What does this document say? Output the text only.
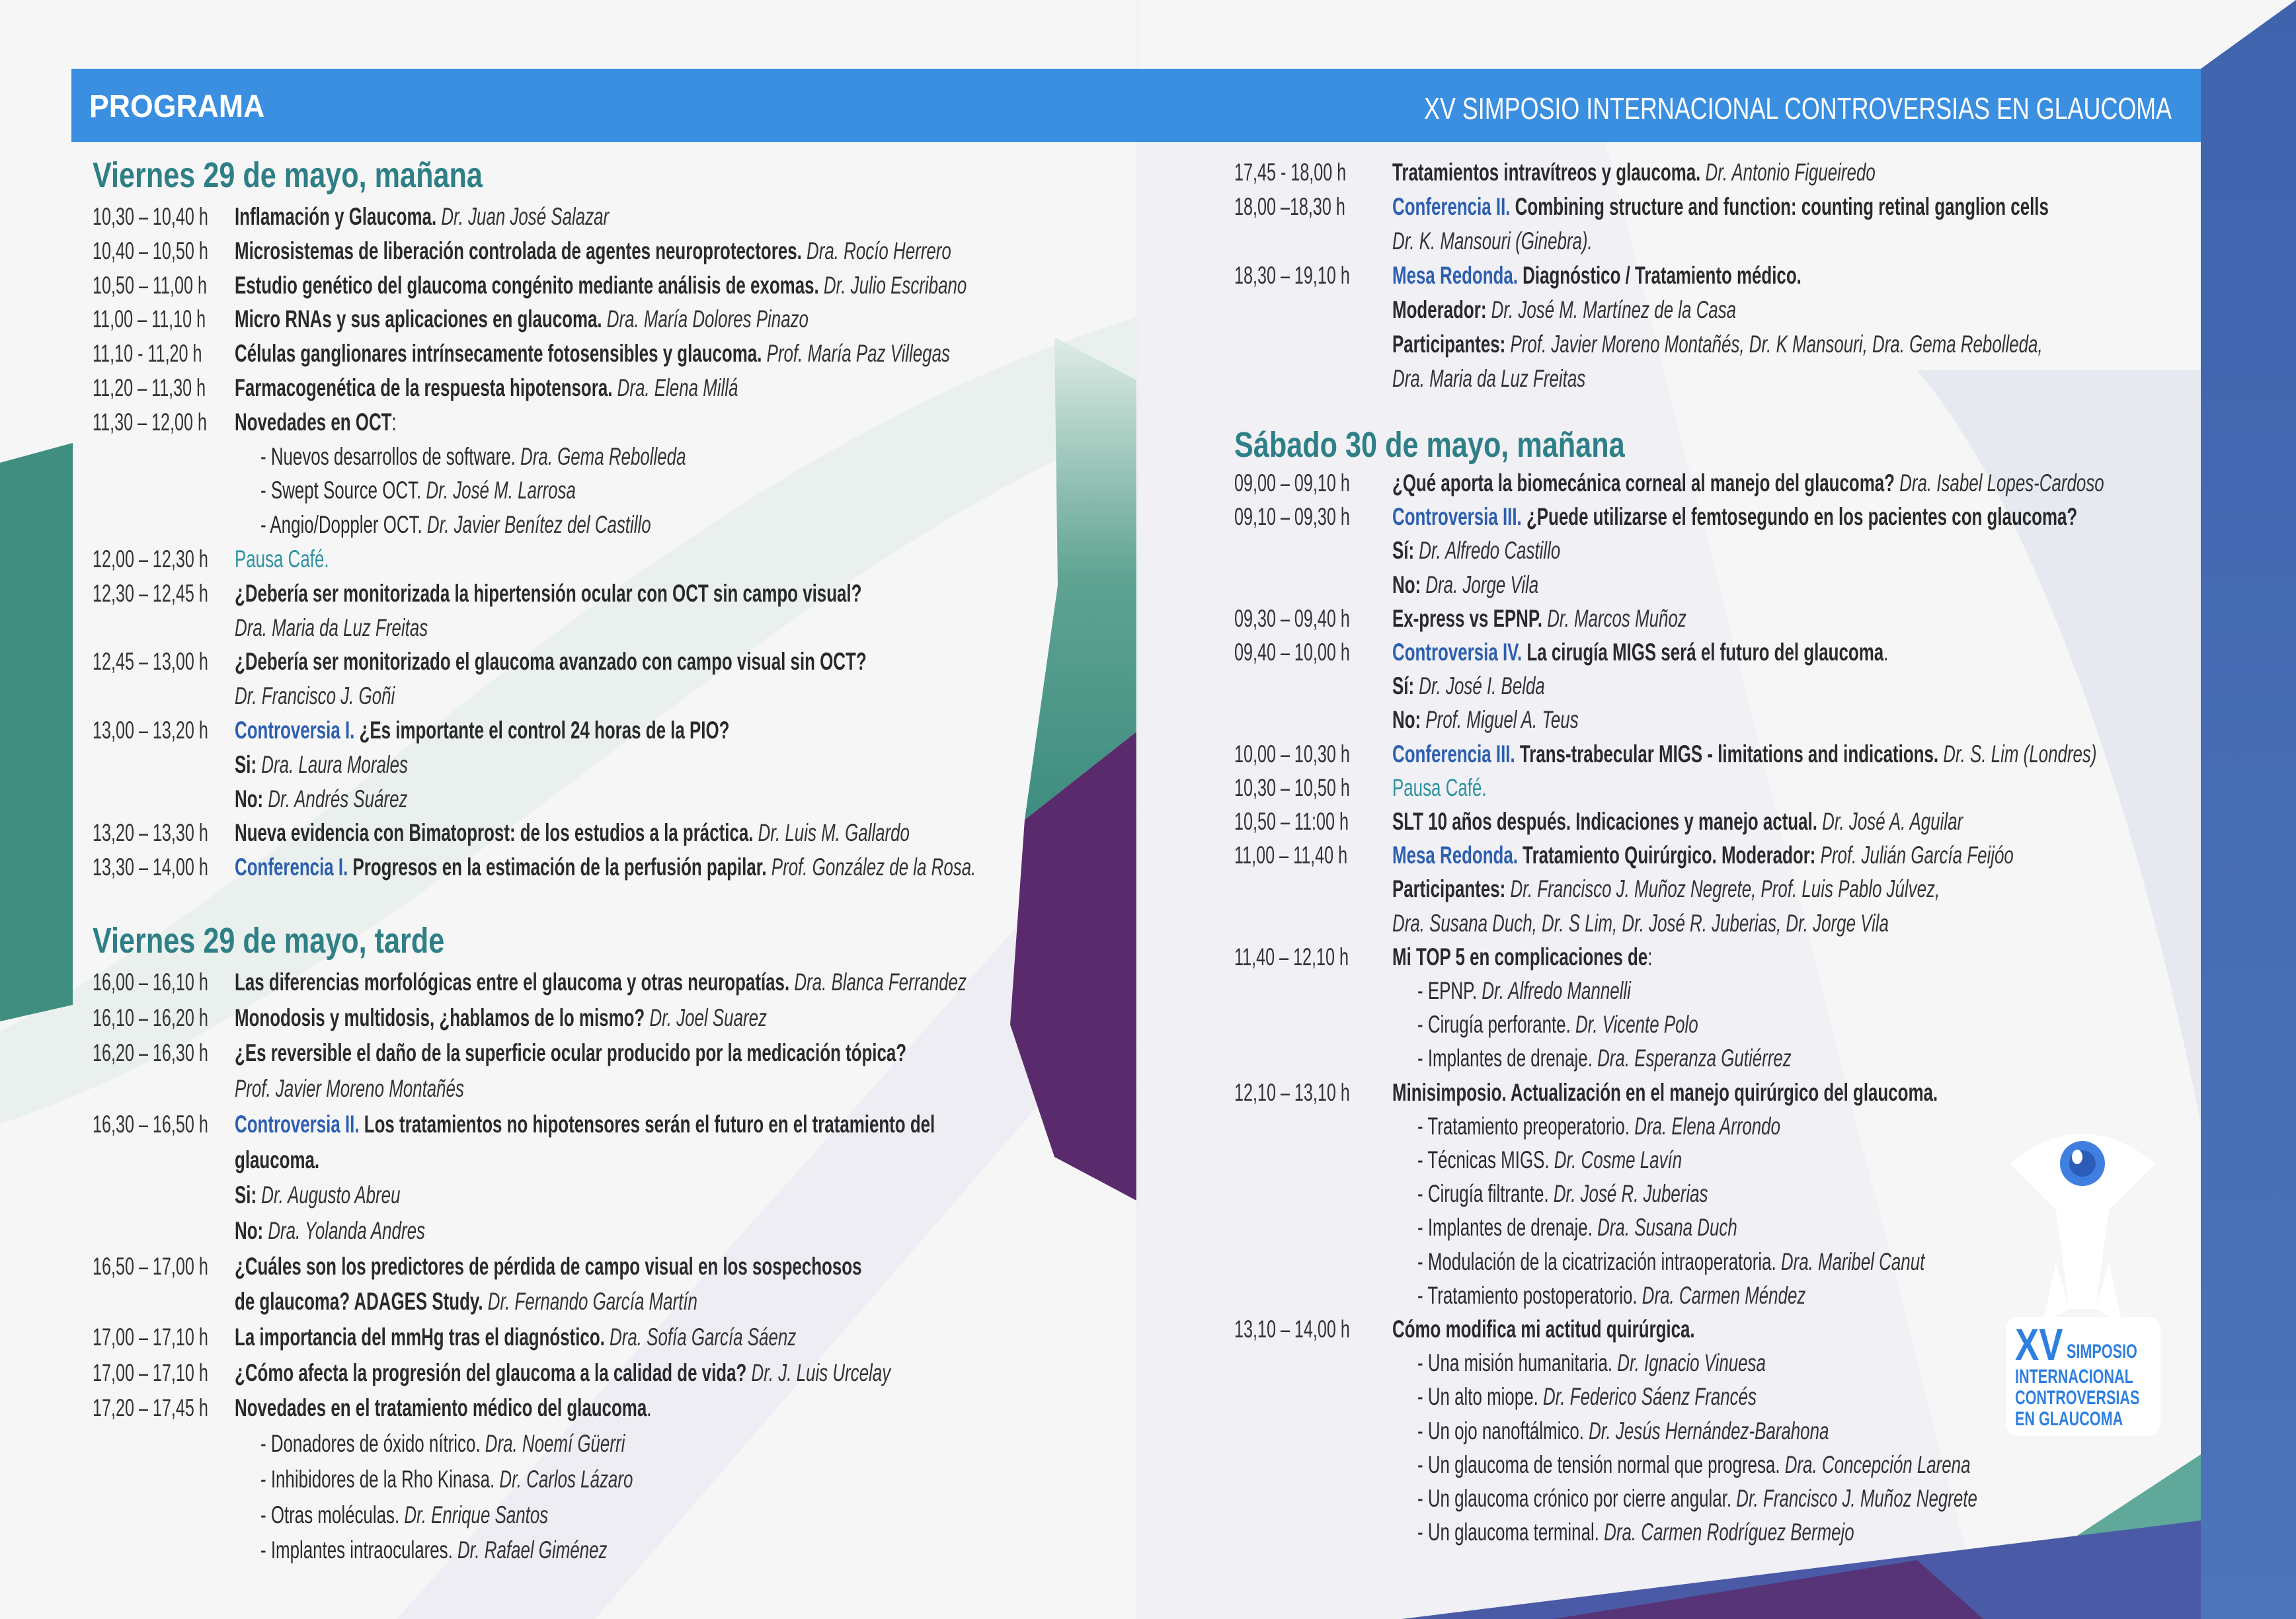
PROGRAMA	XV SIMPOSIO INTERNACIONAL CONTROVERSIAS EN GLAUCOMA
Viernes 29 de mayo, mañana
10,30 – 10,40 h Inflamación y Glaucoma. Dr. Juan José Salazar
10,40 – 10,50 h Microsistemas de liberación controlada de agentes neuroprotectores. Dra. Rocío Herrero
10,50 – 11,00 h Estudio genético del glaucoma congénito mediante análisis de exomas. Dr. Julio Escribano
11,00 – 11,10 h Micro RNAs y sus aplicaciones en glaucoma. Dra. María Dolores Pinazo
11,10 - 11,20 h Células ganglionares intrínsecamente fotosensibles y glaucoma. Prof. María Paz Villegas
11,20 – 11,30 h Farmacogenética de la respuesta hipotensora. Dra. Elena Millá
11,30 – 12,00 h Novedades en OCT:
- Nuevos desarrollos de software. Dra. Gema Rebolleda
- Swept Source OCT. Dr. José M. Larrosa
- Angio/Doppler OCT. Dr. Javier Benítez del Castillo
12,00 – 12,30 h Pausa Café.
12,30 – 12,45 h ¿Debería ser monitorizada la hipertensión ocular con OCT sin campo visual?
Dra. Maria da Luz Freitas
12,45 – 13,00 h ¿Debería ser monitorizado el glaucoma avanzado con campo visual sin OCT?
Dr. Francisco J. Goñi
13,00 – 13,20 h Controversia I. ¿Es importante el control 24 horas de la PIO?
Si: Dra. Laura Morales
No: Dr. Andrés Suárez
13,20 – 13,30 h Nueva evidencia con Bimatoprost: de los estudios a la práctica. Dr. Luis M. Gallardo
13,30 – 14,00 h Conferencia I. Progresos en la estimación de la perfusión papilar. Prof. González de la Rosa.
Viernes 29 de mayo, tarde
16,00 – 16,10 h Las diferencias morfológicas entre el glaucoma y otras neuropatías. Dra. Blanca Ferrandez
16,10 – 16,20 h Monodosis y multidosis, ¿hablamos de lo mismo? Dr. Joel Suarez
16,20 – 16,30 h ¿Es reversible el daño de la superficie ocular producido por la medicación tópica?
Prof. Javier Moreno Montañés
16,30 – 16,50 h Controversia II. Los tratamientos no hipotensores serán el futuro en el tratamiento del
glaucoma.
Si: Dr. Augusto Abreu
No: Dra. Yolanda Andres
16,50 – 17,00 h ¿Cuáles son los predictores de pérdida de campo visual en los sospechosos
de glaucoma? ADAGES Study. Dr. Fernando García Martín
17,00 – 17,10 h La importancia del mmHg tras el diagnóstico. Dra. Sofía García Sáenz
17,00 – 17,10 h ¿Cómo afecta la progresión del glaucoma a la calidad de vida? Dr. J. Luis Urcelay
17,20 – 17,45 h Novedades en el tratamiento médico del glaucoma.
- Donadores de óxido nítrico. Dra. Noemí Güerri
- Inhibidores de la Rho Kinasa. Dr. Carlos Lázaro
- Otras moléculas. Dr. Enrique Santos
- Implantes intraoculares. Dr. Rafael Giménez
17,45 - 18,00 h Tratamientos intravítreos y glaucoma. Dr. Antonio Figueiredo
18,00 –18,30 h Conferencia II. Combining structure and function: counting retinal ganglion cells
Dr. K. Mansouri (Ginebra).
18,30 – 19,10 h Mesa Redonda. Diagnóstico / Tratamiento médico.
Moderador: Dr. José M. Martínez de la Casa
Participantes: Prof. Javier Moreno Montañés, Dr. K Mansouri, Dra. Gema Rebolleda,
Dra. Maria da Luz Freitas
Sábado 30 de mayo, mañana
09,00 – 09,10 h ¿Qué aporta la biomecánica corneal al manejo del glaucoma? Dra. Isabel Lopes-Cardoso
09,10 – 09,30 h Controversia III. ¿Puede utilizarse el femtosegundo en los pacientes con glaucoma?
Sí: Dr. Alfredo Castillo
No: Dra. Jorge Vila
09,30 – 09,40 h Ex-press vs EPNP. Dr. Marcos Muñoz
09,40 – 10,00 h Controversia IV. La cirugía MIGS será el futuro del glaucoma.
Sí: Dr. José I. Belda
No: Prof. Miguel A. Teus
10,00 – 10,30 h Conferencia III. Trans-trabecular MIGS - limitations and indications. Dr. S. Lim (Londres)
10,30 – 10,50 h Pausa Café.
10,50 – 11:00 h SLT 10 años después. Indicaciones y manejo actual. Dr. José A. Aguilar
11,00 – 11,40 h Mesa Redonda. Tratamiento Quirúrgico. Moderador: Prof. Julián García Feijóo
Participantes: Dr. Francisco J. Muñoz Negrete, Prof. Luis Pablo Júlvez,
Dra. Susana Duch, Dr. S Lim, Dr. José R. Juberias, Dr. Jorge Vila
11,40 – 12,10 h Mi TOP 5 en complicaciones de:
- EPNP. Dr. Alfredo Mannelli
- Cirugía perforante. Dr. Vicente Polo
- Implantes de drenaje. Dra. Esperanza Gutiérrez
12,10 – 13,10 h Minisimposio. Actualización en el manejo quirúrgico del glaucoma.
- Tratamiento preoperatorio. Dra. Elena Arrondo
- Técnicas MIGS. Dr. Cosme Lavín
- Cirugía filtrante. Dr. José R. Juberias
- Implantes de drenaje. Dra. Susana Duch
- Modulación de la cicatrización intraoperatoria. Dra. Maribel Canut
- Tratamiento postoperatorio. Dra. Carmen Méndez
13,10 – 14,00 h Cómo modifica mi actitud quirúrgica.
- Una misión humanitaria. Dr. Ignacio Vinuesa
- Un alto miope. Dr. Federico Sáenz Francés
- Un ojo nanoftálmico. Dr. Jesús Hernández-Barahona
- Un glaucoma de tensión normal que progresa. Dra. Concepción Larena
- Un glaucoma crónico por cierre angular. Dr. Francisco J. Muñoz Negrete
- Un glaucoma terminal. Dra. Carmen Rodríguez Bermejo
XV SIMPOSIO
INTERNACIONAL
CONTROVERSIAS
EN GLAUCOMA
